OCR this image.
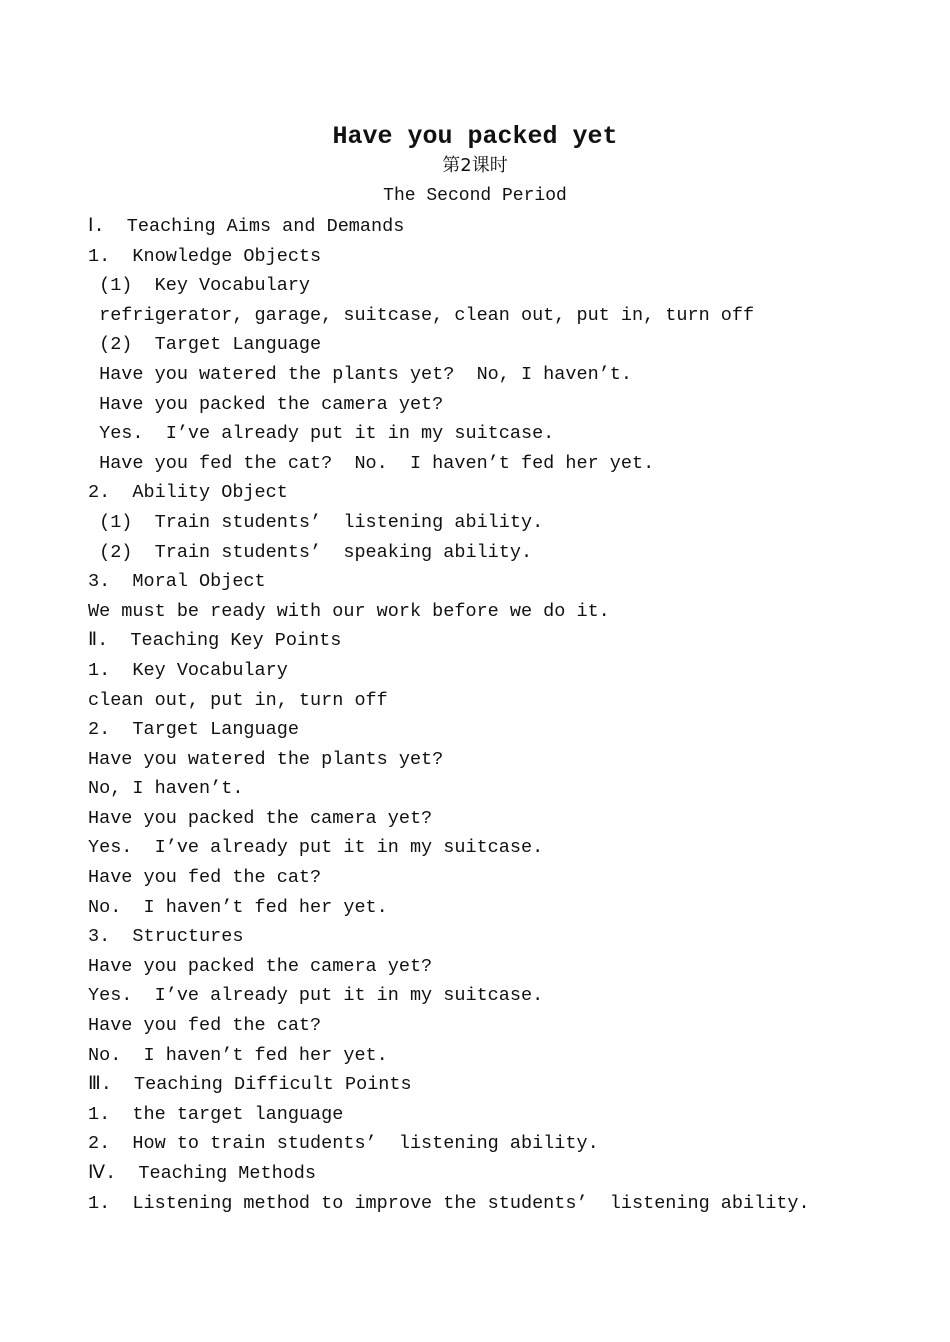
Have you packed yet
第2课时
The Second Period
Ⅰ.  Teaching Aims and Demands
1.  Knowledge Objects
(1)  Key Vocabulary
refrigerator, garage, suitcase, clean out, put in, turn off
(2)  Target Language
Have you watered the plants yet?  No, I haven’t.
Have you packed the camera yet?
Yes.  I’ve already put it in my suitcase.
Have you fed the cat?  No.  I haven’t fed her yet.
2.  Ability Object
(1)  Train students’  listening ability.
(2)  Train students’  speaking ability.
3.  Moral Object
We must be ready with our work before we do it.
Ⅱ.  Teaching Key Points
1.  Key Vocabulary
clean out, put in, turn off
2.  Target Language
Have you watered the plants yet?
No, I haven’t.
Have you packed the camera yet?
Yes.  I’ve already put it in my suitcase.
Have you fed the cat?
No.  I haven’t fed her yet.
3.  Structures
Have you packed the camera yet?
Yes.  I’ve already put it in my suitcase.
Have you fed the cat?
No.  I haven’t fed her yet.
Ⅲ.  Teaching Difficult Points
1.  the target language
2.  How to train students’  listening ability.
Ⅳ.  Teaching Methods
1.  Listening method to improve the students’  listening ability.
